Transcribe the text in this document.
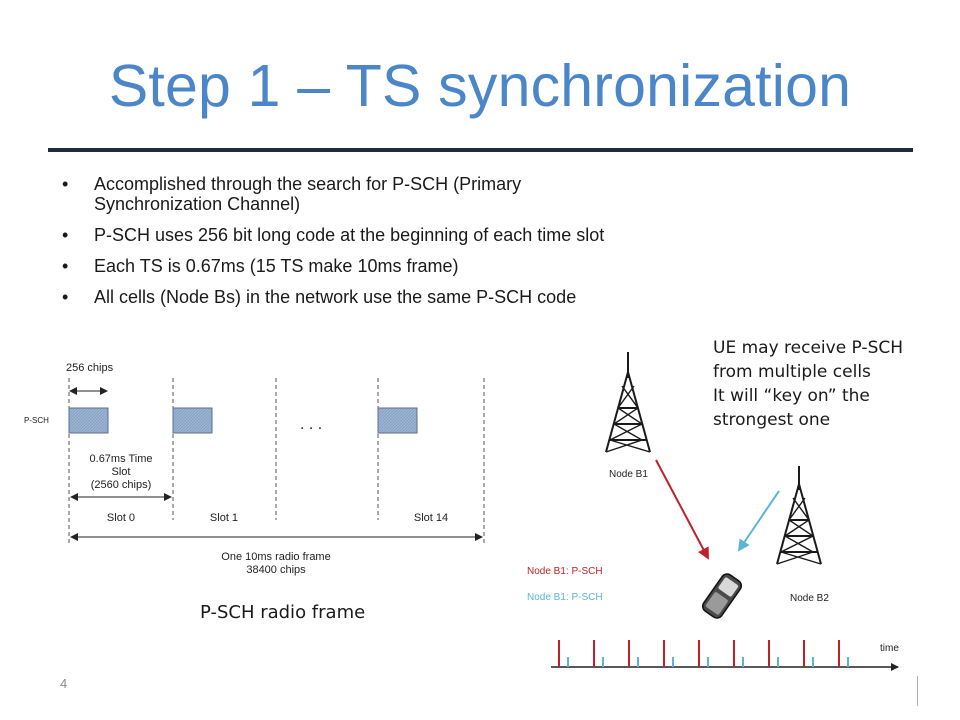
Step 1 – TS synchronization
• Accomplished through the search for P-SCH (Primary
Synchronization Channel)
• P-SCH uses 256 bit long code at the beginning of each time slot
• Each TS is 0.67ms (15 TS make 10ms frame)
• All cells (Node Bs) in the network use the same P-SCH code
256 chips
P-SCH	. . .
0.67ms Time
Slot
(2560 chips)
Slot 0	Slot 1	Slot 14
One 10ms radio frame
38400 chips
Node B1
Node B2
Node B1: P-SCH
Node B1: P-SCH
time
P-SCH radio frame
UE may receive P-SCH
from multiple cells
It will “key on” the
strongest one
4
